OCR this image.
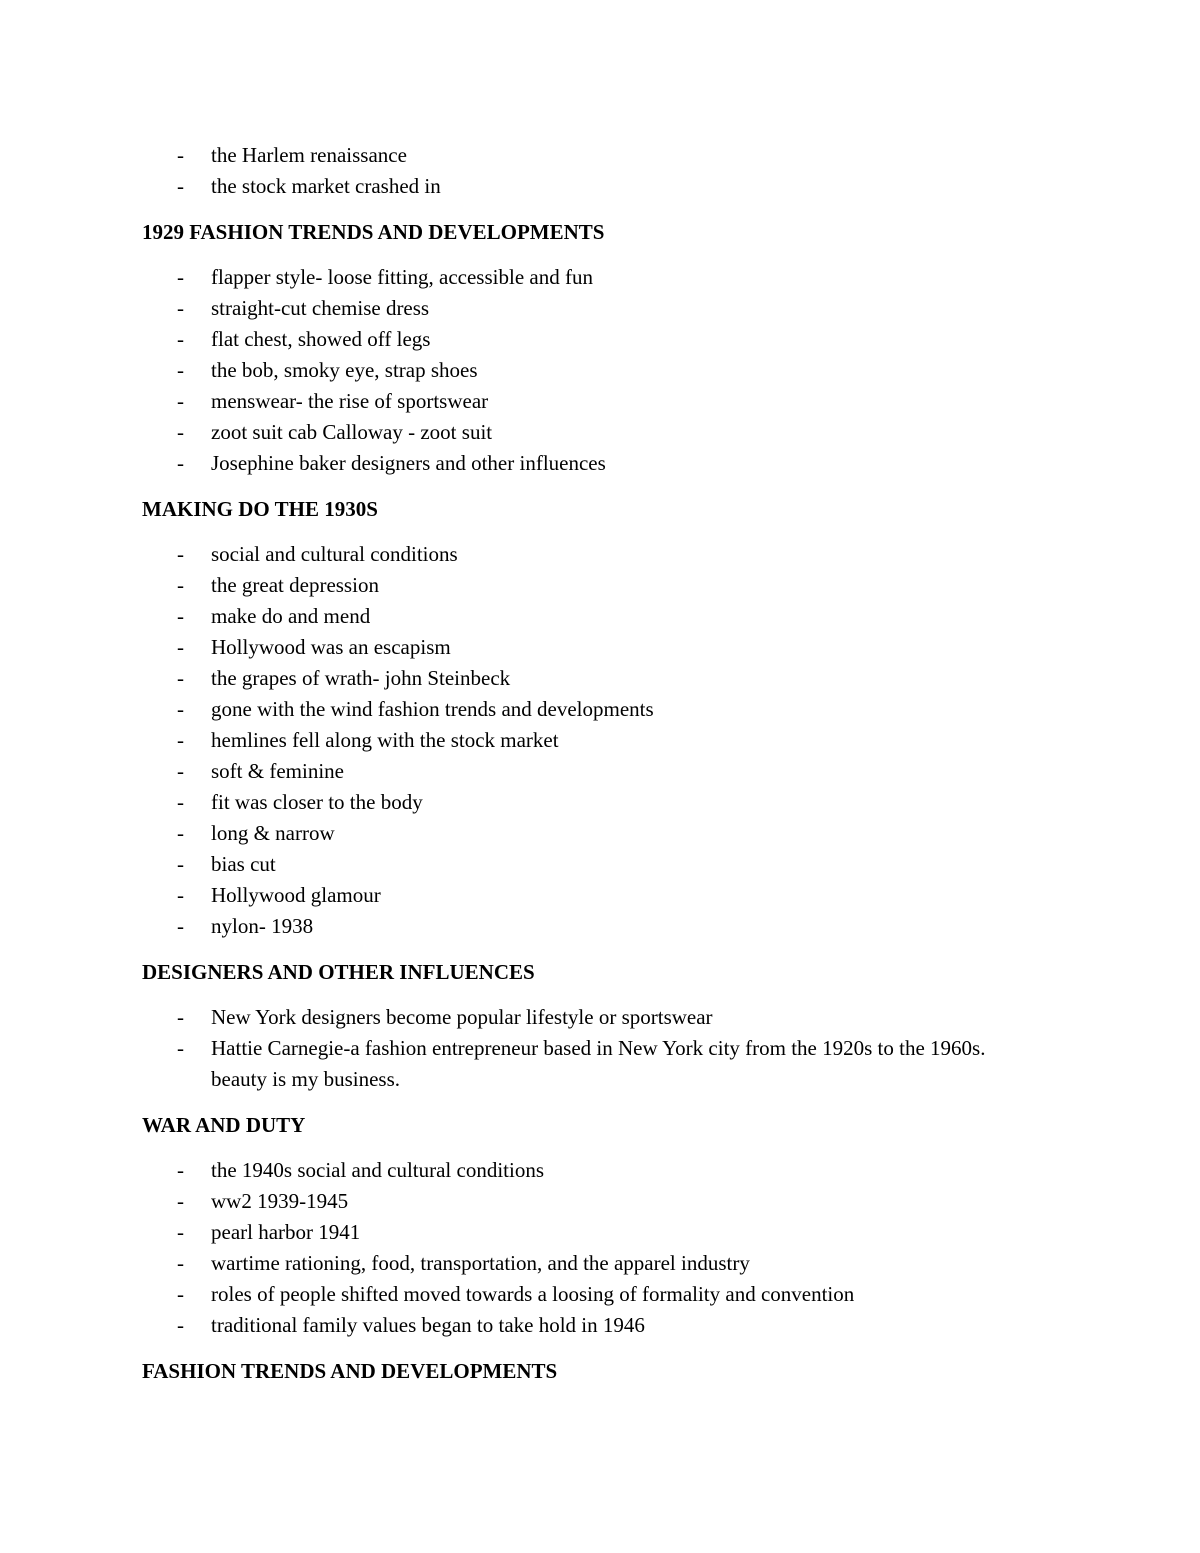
- the Harlem renaissance
- the stock market crashed in
1929 FASHION TRENDS AND DEVELOPMENTS
- flapper style- loose fitting, accessible and fun
- straight-cut chemise dress
- flat chest, showed off legs
- the bob, smoky eye, strap shoes
- menswear- the rise of sportswear
- zoot suit cab Calloway - zoot suit
- Josephine baker designers and other influences
MAKING DO THE 1930S
- social and cultural conditions
- the great depression
- make do and mend
- Hollywood was an escapism
- the grapes of wrath- john Steinbeck
- gone with the wind fashion trends and developments
- hemlines fell along with the stock market
- soft & feminine
- fit was closer to the body
- long & narrow
- bias cut
- Hollywood glamour
- nylon- 1938
DESIGNERS AND OTHER INFLUENCES
- New York designers become popular lifestyle or sportswear
- Hattie Carnegie-a fashion entrepreneur based in New York city from the 1920s to the 1960s. beauty is my business.
WAR AND DUTY
- the 1940s social and cultural conditions
- ww2 1939-1945
- pearl harbor 1941
- wartime rationing, food, transportation, and the apparel industry
- roles of people shifted moved towards a loosing of formality and convention
- traditional family values began to take hold in 1946
FASHION TRENDS AND DEVELOPMENTS
